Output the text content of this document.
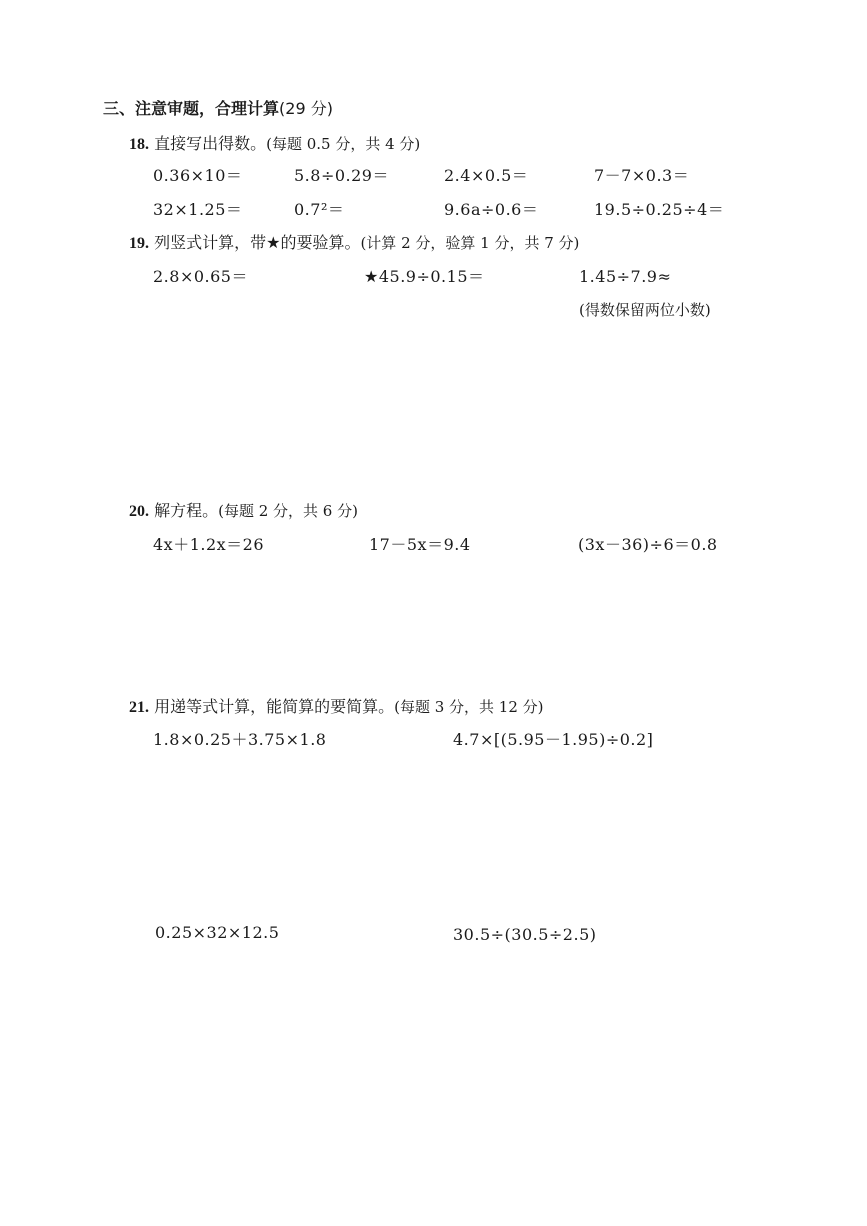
三、注意审题，合理计算(29 分)
18. 直接写出得数。(每题 0.5 分，共 4 分)
0.36×10＝	5.8÷0.29＝	2.4×0.5＝	7－7×0.3＝
32×1.25＝	0.7²＝	9.6a÷0.6＝	19.5÷0.25÷4＝
19. 列竖式计算，带★的要验算。(计算 2 分，验算 1 分，共 7 分)
2.8×0.65＝	★45.9÷0.15＝	1.45÷7.9≈
(得数保留两位小数)
20. 解方程。(每题 2 分，共 6 分)
4x＋1.2x＝26	17－5x＝9.4	(3x－36)÷6＝0.8
21. 用递等式计算，能简算的要简算。(每题 3 分，共 12 分)
1.8×0.25＋3.75×1.8	4.7×[(5.95－1.95)÷0.2]
0.25×32×12.5	30.5÷(30.5÷2.5)
